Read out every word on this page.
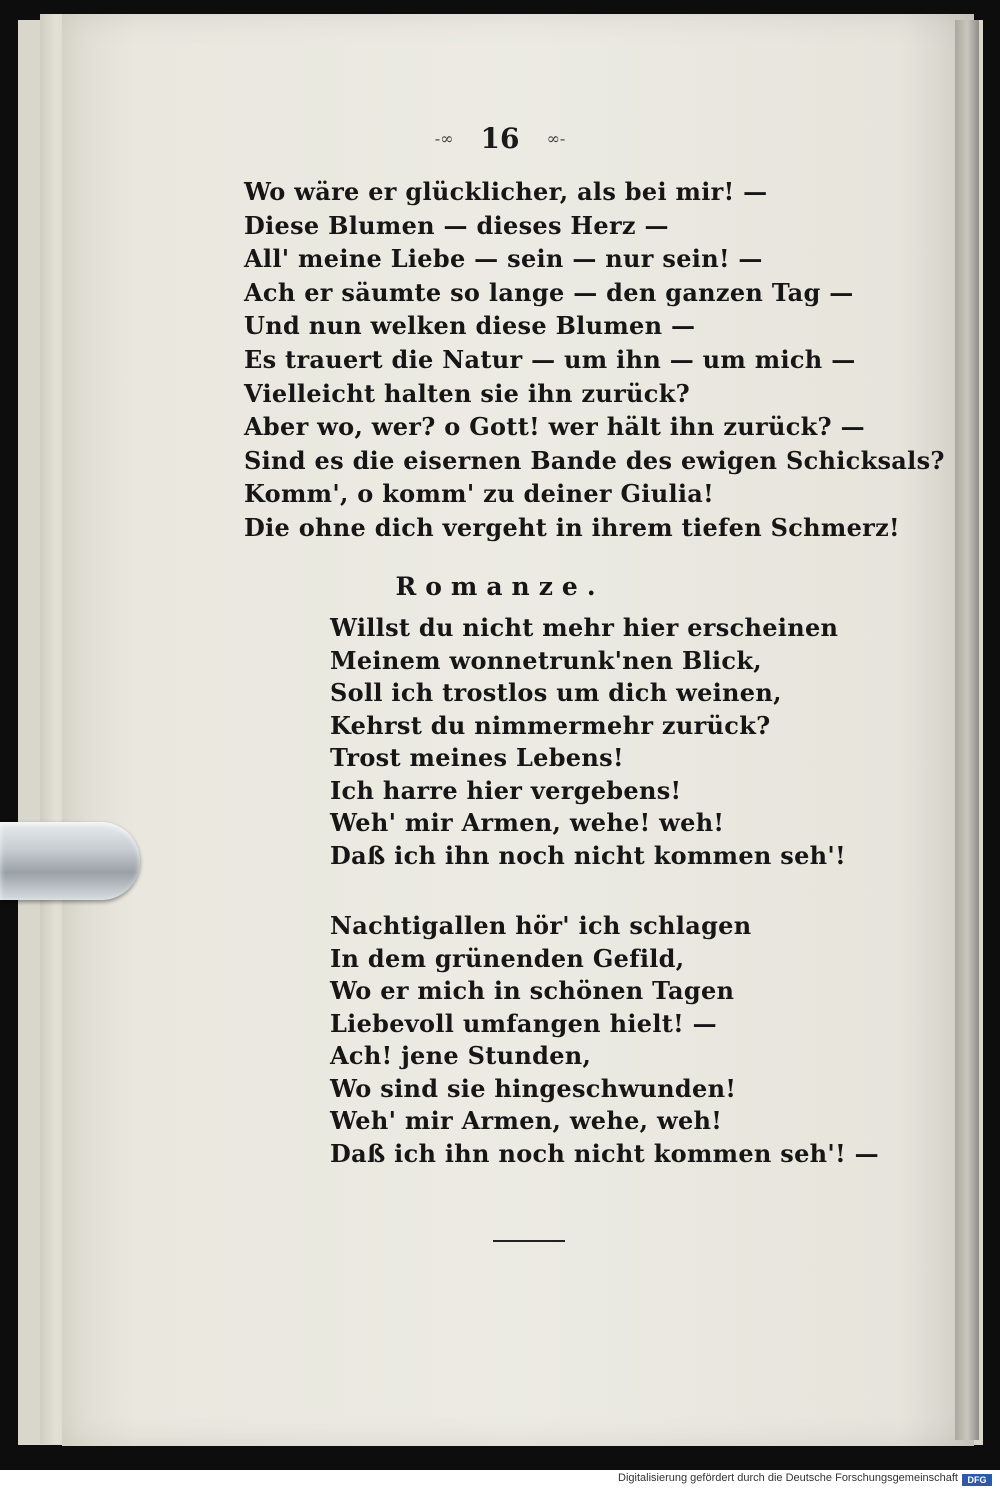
-∞ 16 ∞-
Wo wäre er glücklicher, als bei mir! —
Diese Blumen — dieses Herz —
All' meine Liebe — sein — nur sein! —
Ach er säumte so lange — den ganzen Tag —
Und nun welken diese Blumen —
Es trauert die Natur — um ihn — um mich —
Vielleicht halten sie ihn zurück?
Aber wo, wer? o Gott! wer hält ihn zurück? —
Sind es die eisernen Bande des ewigen Schicksals?
Komm', o komm' zu deiner Giulia!
Die ohne dich vergeht in ihrem tiefen Schmerz!
Romanze.
Willst du nicht mehr hier erscheinen
Meinem wonnetrunk'nen Blick,
Soll ich trostlos um dich weinen,
Kehrst du nimmermehr zurück?
Trost meines Lebens!
Ich harre hier vergebens!
Weh' mir Armen, wehe! weh!
Daß ich ihn noch nicht kommen seh'!
Nachtigallen hör' ich schlagen
In dem grünenden Gefild,
Wo er mich in schönen Tagen
Liebevoll umfangen hielt! —
Ach! jene Stunden,
Wo sind sie hingeschwunden!
Weh' mir Armen, wehe, weh!
Daß ich ihn noch nicht kommen seh'! —
Digitalisierung gefördert durch die Deutsche Forschungsgemeinschaft	DFG
